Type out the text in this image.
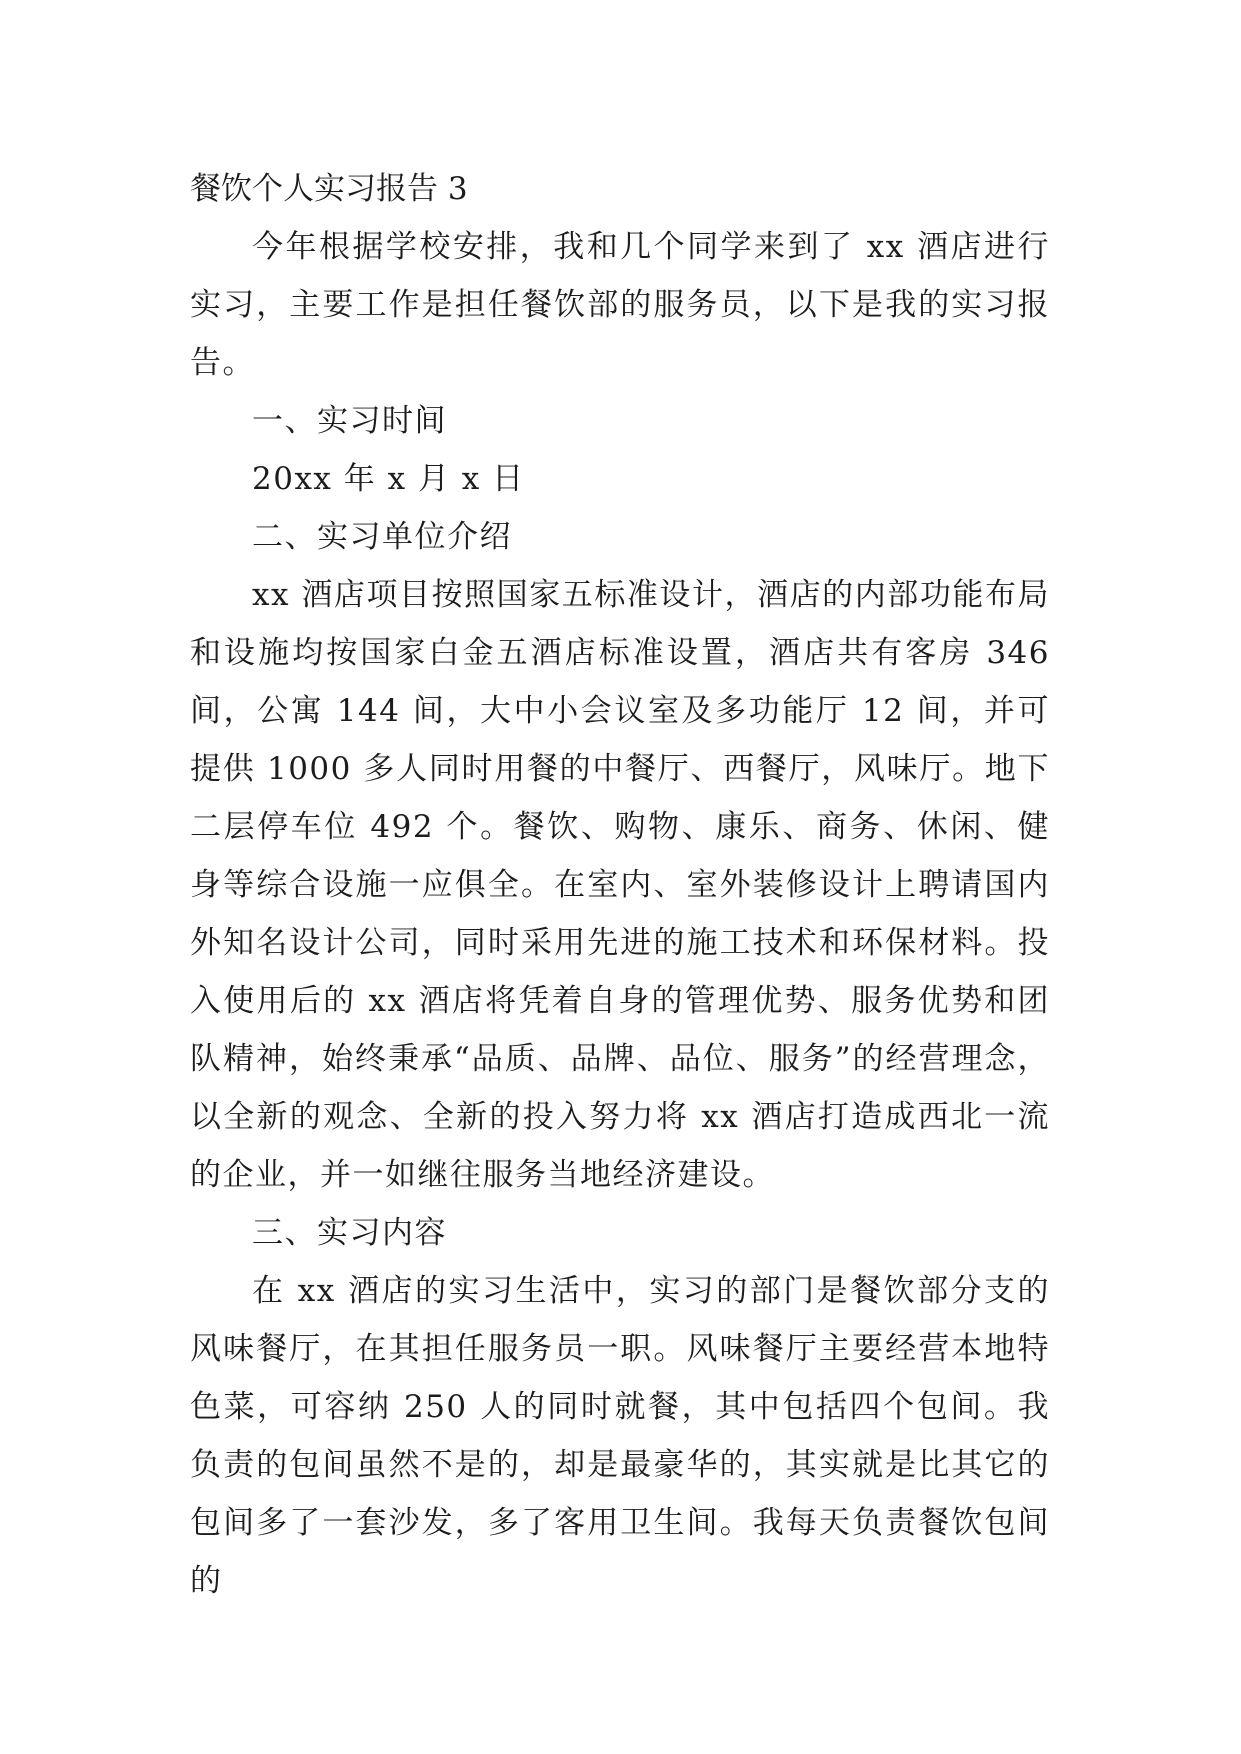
餐饮个人实习报告 3

今年根据学校安排，我和几个同学来到了 xx 酒店进行实习，主要工作是担任餐饮部的服务员，以下是我的实习报告。

一、实习时间

20xx 年 x 月 x 日

二、实习单位介绍

xx 酒店项目按照国家五标准设计，酒店的内部功能布局和设施均按国家白金五酒店标准设置，酒店共有客房 346 间，公寓 144 间，大中小会议室及多功能厅 12 间，并可提供 1000 多人同时用餐的中餐厅、西餐厅，风味厅。地下二层停车位 492 个。餐饮、购物、康乐、商务、休闲、健身等综合设施一应俱全。在室内、室外装修设计上聘请国内外知名设计公司，同时采用先进的施工技术和环保材料。投入使用后的 xx 酒店将凭着自身的管理优势、服务优势和团队精神，始终秉承“品质、品牌、品位、服务”的经营理念，以全新的观念、全新的投入努力将 xx 酒店打造成西北一流的企业，并一如继往服务当地经济建设。

三、实习内容

在 xx 酒店的实习生活中，实习的部门是餐饮部分支的风味餐厅，在其担任服务员一职。风味餐厅主要经营本地特色菜，可容纳 250 人的同时就餐，其中包括四个包间。我负责的包间虽然不是的，却是最豪华的，其实就是比其它的包间多了一套沙发，多了客用卫生间。我每天负责餐饮包间的
